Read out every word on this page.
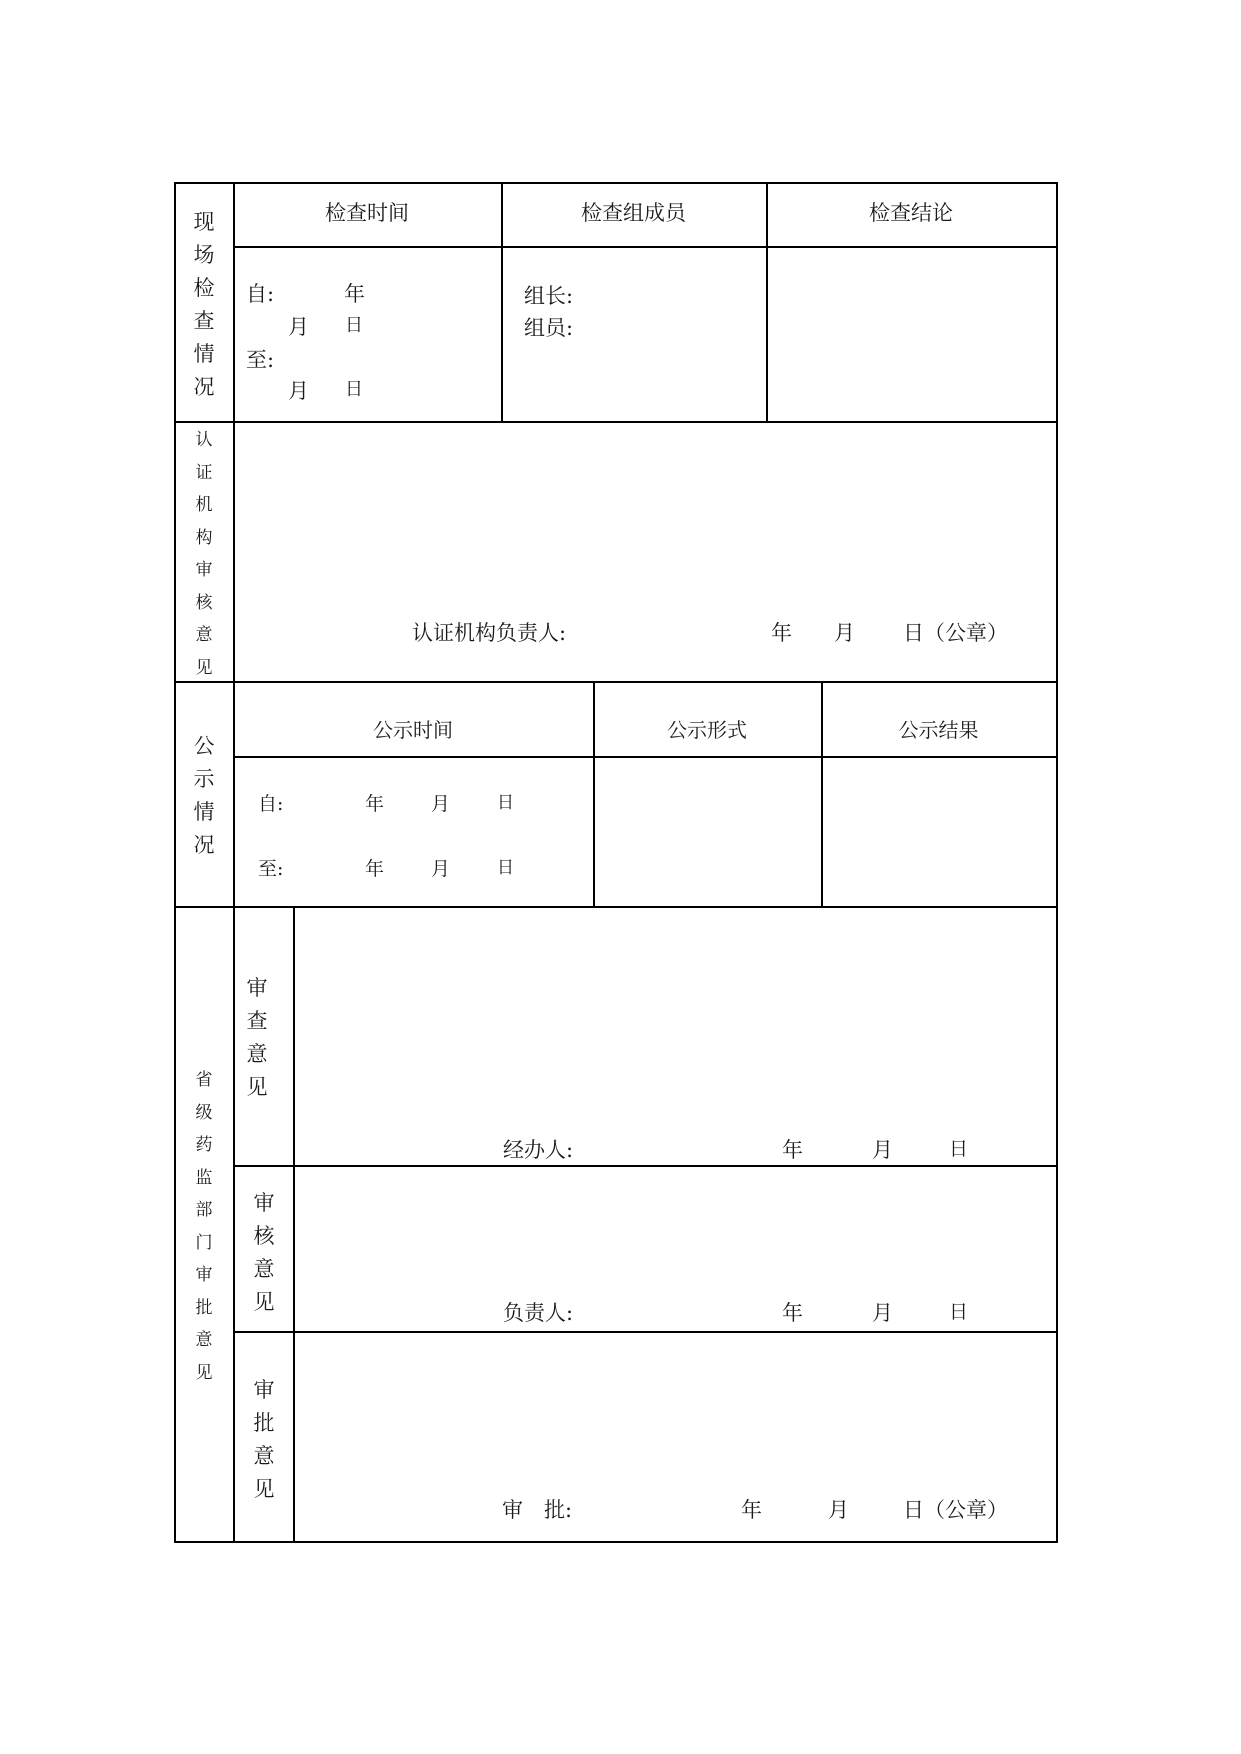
现
场
检
查
情
况
检查时间	检查组成员	检查结论
自:	年
月 日
至:
月 日
组长:
组员:
认
证
机
构
审
核
意
见
认证机构负责人:	年 月 日（公章）
公
示
情
况
公示时间	公示形式	公示结果
自:	年 月	日
至:	年 月	日
省
级
药
监
部
门
审
批
意
见
审
查
意
见
经办人:	年	月	日
审
核
意
见	负责人:	年	月	日
审
批
意
见
审　批:	年	月	日（公章）
